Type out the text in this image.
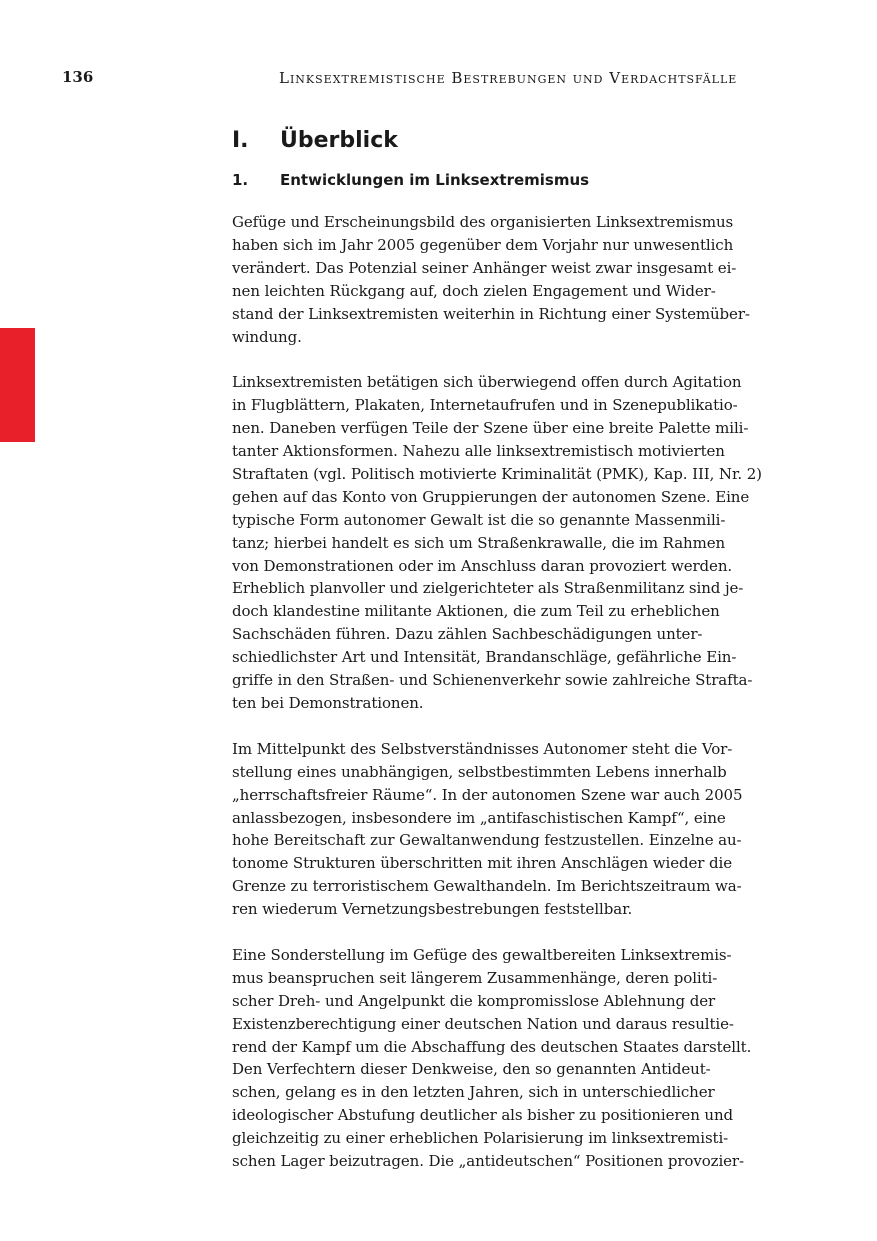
136	Linksextremistische Bestrebungen und Verdachtsfälle
I.	Überblick
1.	Entwicklungen im Linksextremismus

Gefüge und Erscheinungsbild des organisierten Linksextremismus
haben sich im Jahr 2005 gegenüber dem Vorjahr nur unwesentlich
verändert. Das Potenzial seiner Anhänger weist zwar insgesamt ei-
nen leichten Rückgang auf, doch zielen Engagement und Wider-
stand der Linksextremisten weiterhin in Richtung einer Systemüber-
windung.

Linksextremisten betätigen sich überwiegend offen durch Agitation
in Flugblättern, Plakaten, Internetaufrufen und in Szenepublikatio-
nen. Daneben verfügen Teile der Szene über eine breite Palette mili-
tanter Aktionsformen. Nahezu alle linksextremistisch motivierten
Straftaten (vgl. Politisch motivierte Kriminalität (PMK), Kap. III, Nr. 2)
gehen auf das Konto von Gruppierungen der autonomen Szene. Eine
typische Form autonomer Gewalt ist die so genannte Massenmili-
tanz; hierbei handelt es sich um Straßenkrawalle, die im Rahmen
von Demonstrationen oder im Anschluss daran provoziert werden.
Erheblich planvoller und zielgerichteter als Straßenmilitanz sind je-
doch klandestine militante Aktionen, die zum Teil zu erheblichen
Sachschäden führen. Dazu zählen Sachbeschädigungen unter-
schiedlichster Art und Intensität, Brandanschläge, gefährliche Ein-
griffe in den Straßen- und Schienenverkehr sowie zahlreiche Strafta-
ten bei Demonstrationen.

Im Mittelpunkt des Selbstverständnisses Autonomer steht die Vor-
stellung eines unabhängigen, selbstbestimmten Lebens innerhalb
„herrschaftsfreier Räume“. In der autonomen Szene war auch 2005
anlassbezogen, insbesondere im „antifaschistischen Kampf“, eine
hohe Bereitschaft zur Gewaltanwendung festzustellen. Einzelne au-
tonome Strukturen überschritten mit ihren Anschlägen wieder die
Grenze zu terroristischem Gewalthandeln. Im Berichtszeitraum wa-
ren wiederum Vernetzungsbestrebungen feststellbar.

Eine Sonderstellung im Gefüge des gewaltbereiten Linksextremis-
mus beanspruchen seit längerem Zusammenhänge, deren politi-
scher Dreh- und Angelpunkt die kompromisslose Ablehnung der
Existenzberechtigung einer deutschen Nation und daraus resultie-
rend der Kampf um die Abschaffung des deutschen Staates darstellt.
Den Verfechtern dieser Denkweise, den so genannten Antideut-
schen, gelang es in den letzten Jahren, sich in unterschiedlicher
ideologischer Abstufung deutlicher als bisher zu positionieren und
gleichzeitig zu einer erheblichen Polarisierung im linksextremisti-
schen Lager beizutragen. Die „antideutschen“ Positionen provozier-
